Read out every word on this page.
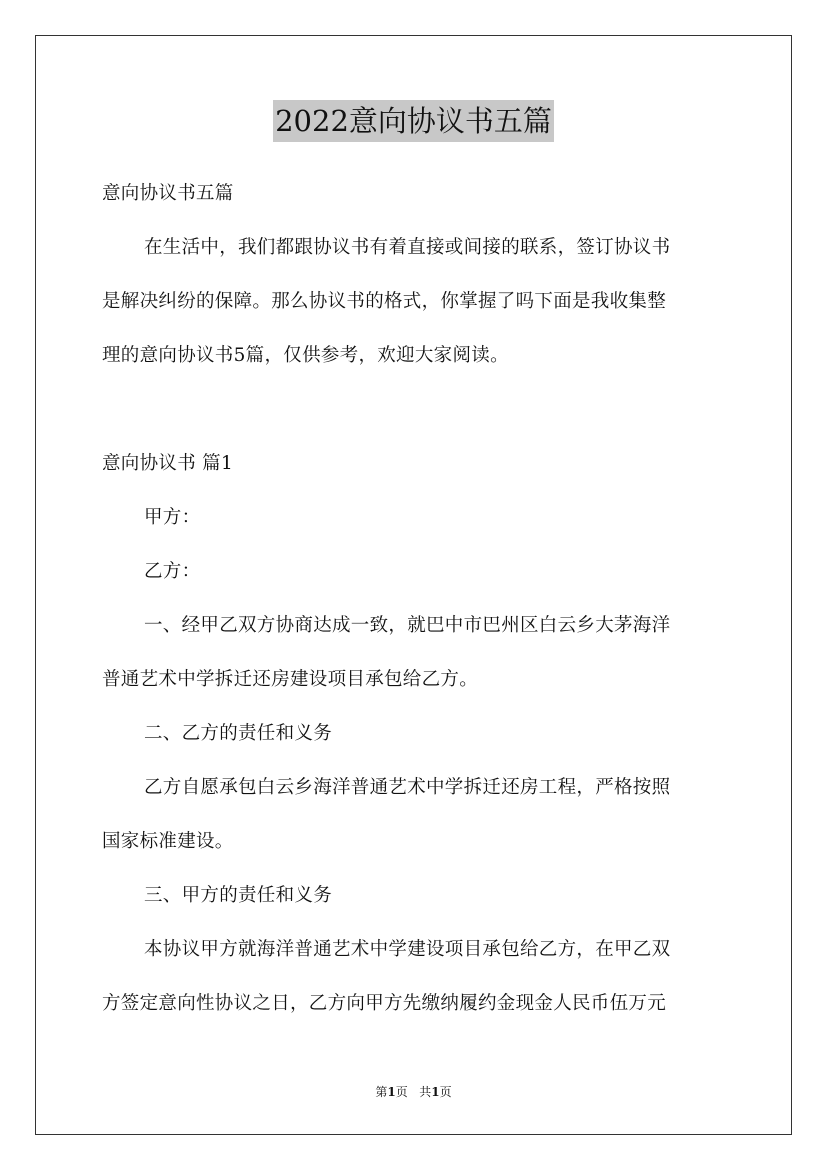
2022意向协议书五篇
意向协议书五篇
在生活中，我们都跟协议书有着直接或间接的联系，签订协议书
是解决纠纷的保障。那么协议书的格式，你掌握了吗下面是我收集整
理的意向协议书5篇，仅供参考，欢迎大家阅读。
意向协议书 篇1
甲方：
乙方：
一、经甲乙双方协商达成一致，就巴中市巴州区白云乡大茅海洋
普通艺术中学拆迁还房建设项目承包给乙方。
二、乙方的责任和义务
乙方自愿承包白云乡海洋普通艺术中学拆迁还房工程，严格按照
国家标准建设。
三、甲方的责任和义务
本协议甲方就海洋普通艺术中学建设项目承包给乙方，在甲乙双
方签定意向性协议之日，乙方向甲方先缴纳履约金现金人民币伍万元
第1页   共1页
